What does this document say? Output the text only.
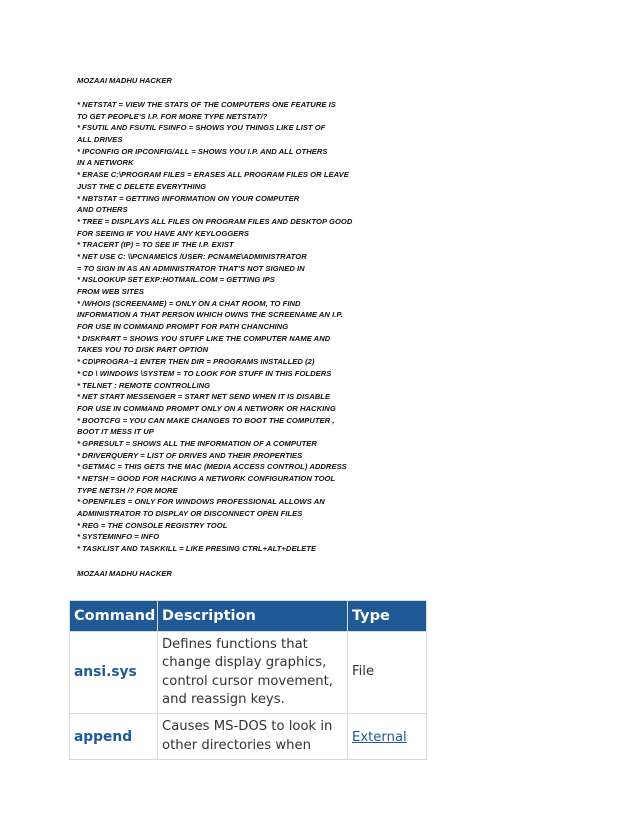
MOZAAI MADHU HACKER
* NETSTAT = VIEW THE STATS OF THE COMPUTERS ONE FEATURE IS
TO GET PEOPLE'S I.P. FOR MORE TYPE NETSTAT/?
* FSUTIL AND FSUTIL FSINFO = SHOWS YOU THINGS LIKE LIST OF
ALL DRIVES
* IPCONFIG OR IPCONFIG/ALL = SHOWS YOU I.P. AND ALL OTHERS
IN A NETWORK
* ERASE C:\PROGRAM FILES = ERASES ALL PROGRAM FILES OR LEAVE
JUST THE C DELETE EVERYTHING
* NBTSTAT = GETTING INFORMATION ON YOUR COMPUTER
AND OTHERS
* TREE = DISPLAYS ALL FILES ON PROGRAM FILES AND DESKTOP GOOD
FOR SEEING IF YOU HAVE ANY KEYLOGGERS
* TRACERT (IP) = TO SEE IF THE I.P. EXIST
* NET USE C: \\PCNAME\C$ /USER: PCNAME\ADMINISTRATOR
= TO SIGN IN AS AN ADMINISTRATOR THAT'S NOT SIGNED IN
* NSLOOKUP SET EXP:HOTMAIL.COM = GETTING IPS
FROM WEB SITES
* /WHOIS (SCREENAME) = ONLY ON A CHAT ROOM, TO FIND
INFORMATION A THAT PERSON WHICH OWNS THE SCREENAME AN I.P.
FOR USE IN COMMAND PROMPT FOR PATH CHANCHING
* DISKPART = SHOWS YOU STUFF LIKE THE COMPUTER NAME AND
TAKES YOU TO DISK PART OPTION
* CD\PROGRA~1 ENTER THEN DIR = PROGRAMS INSTALLED (2)
* CD \ WINDOWS \SYSTEM = TO LOOK FOR STUFF IN THIS FOLDERS
* TELNET : REMOTE CONTROLLING
* NET START MESSENGER = START NET SEND WHEN IT IS DISABLE
FOR USE IN COMMAND PROMPT ONLY ON A NETWORK OR HACKING
* BOOTCFG = YOU CAN MAKE CHANGES TO BOOT THE COMPUTER ,
BOOT IT MESS IT UP
* GPRESULT = SHOWS ALL THE INFORMATION OF A COMPUTER
* DRIVERQUERY = LIST OF DRIVES AND THEIR PROPERTIES
* GETMAC = THIS GETS THE MAC (MEDIA ACCESS CONTROL) ADDRESS
* NETSH = GOOD FOR HACKING A NETWORK CONFIGURATION TOOL
TYPE NETSH /? FOR MORE
* OPENFILES = ONLY FOR WINDOWS PROFESSIONAL ALLOWS AN
ADMINISTRATOR TO DISPLAY OR DISCONNECT OPEN FILES
* REG = THE CONSOLE REGISTRY TOOL
* SYSTEMINFO = INFO
* TASKLIST AND TASKKILL = LIKE PRESING CTRL+ALT+DELETE
MOZAAI MADHU HACKER
Command	Description	Type
ansi.sys	Defines functions that change display graphics, control cursor movement, and reassign keys.	File
append	Causes MS-DOS to look in other directories when	External
